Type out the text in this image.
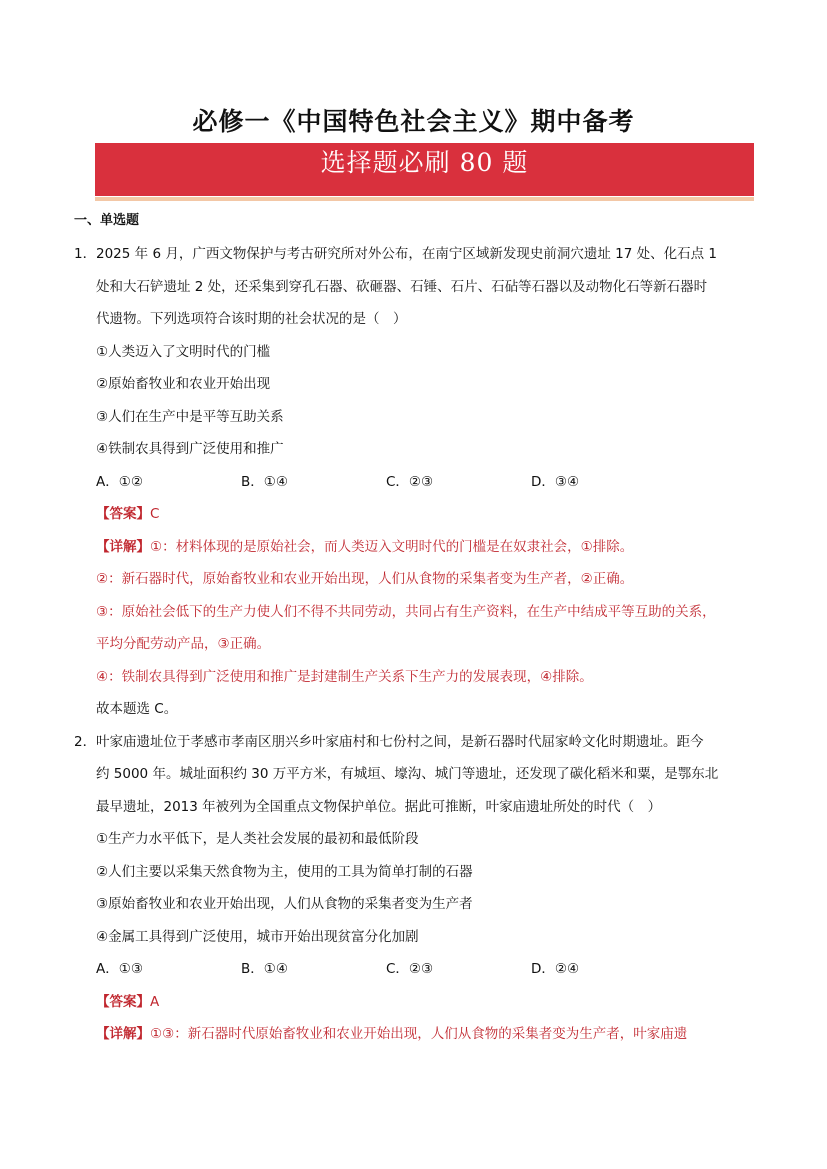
必修一《中国特色社会主义》期中备考
选择题必刷 80 题
一、单选题
1．2025 年 6 月，广西文物保护与考古研究所对外公布，在南宁区域新发现史前洞穴遗址 17 处、化石点 1
处和大石铲遗址 2 处，还采集到穿孔石器、砍砸器、石锤、石片、石砧等石器以及动物化石等新石器时
代遗物。下列选项符合该时期的社会状况的是（　）
①人类迈入了文明时代的门槛
②原始畜牧业和农业开始出现
③人们在生产中是平等互助关系
④铁制农具得到广泛使用和推广
A．①②	B．①④	C．②③	D．③④
【答案】C
【详解】①：材料体现的是原始社会，而人类迈入文明时代的门槛是在奴隶社会，①排除。
②：新石器时代，原始畜牧业和农业开始出现，人们从食物的采集者变为生产者，②正确。
③：原始社会低下的生产力使人们不得不共同劳动，共同占有生产资料，在生产中结成平等互助的关系，
平均分配劳动产品，③正确。
④：铁制农具得到广泛使用和推广是封建制生产关系下生产力的发展表现，④排除。
故本题选 C。
2．叶家庙遗址位于孝感市孝南区朋兴乡叶家庙村和七份村之间，是新石器时代屈家岭文化时期遗址。距今
约 5000 年。城址面积约 30 万平方米，有城垣、壕沟、城门等遗址，还发现了碳化稻米和粟，是鄂东北
最早遗址，2013 年被列为全国重点文物保护单位。据此可推断，叶家庙遗址所处的时代（　）
①生产力水平低下，是人类社会发展的最初和最低阶段
②人们主要以采集天然食物为主，使用的工具为简单打制的石器
③原始畜牧业和农业开始出现，人们从食物的采集者变为生产者
④金属工具得到广泛使用，城市开始出现贫富分化加剧
A．①③	B．①④	C．②③	D．②④
【答案】A
【详解】①③：新石器时代原始畜牧业和农业开始出现，人们从食物的采集者变为生产者，叶家庙遗
